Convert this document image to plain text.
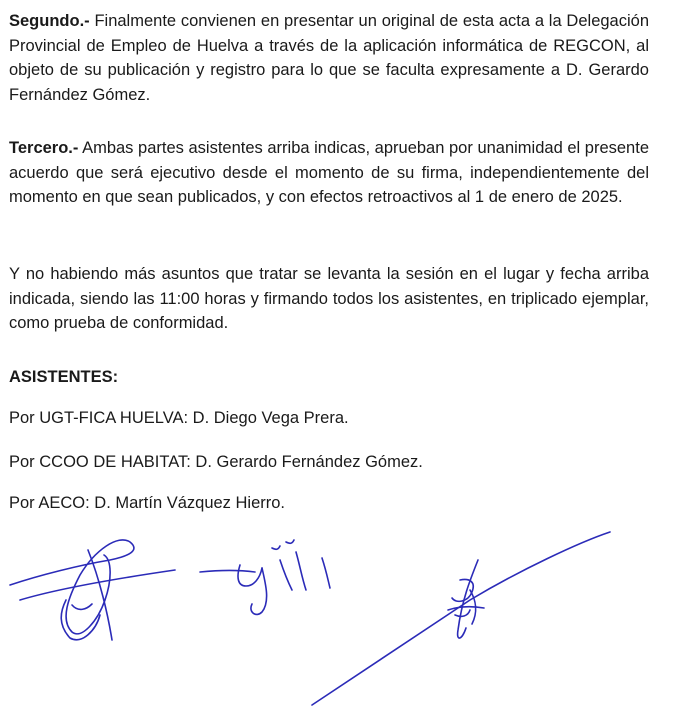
Segundo.- Finalmente convienen en presentar un original de esta acta a la Delegación Provincial de Empleo de Huelva a través de la aplicación informática de REGCON, al objeto de su publicación y registro para lo que se faculta expresamente a D. Gerardo Fernández Gómez.

Tercero.- Ambas partes asistentes arriba indicas, aprueban por unanimidad el presente acuerdo que será ejecutivo desde el momento de su firma, independientemente del momento en que sean publicados, y con efectos retroactivos al 1 de enero de 2025.

Y no habiendo más asuntos que tratar se levanta la sesión en el lugar y fecha arriba indicada, siendo las 11:00 horas y firmando todos los asistentes, en triplicado ejemplar, como prueba de conformidad.

ASISTENTES:

Por UGT-FICA HUELVA: D. Diego Vega Prera.

Por CCOO DE HABITAT: D. Gerardo Fernández Gómez.

Por AECO: D. Martín Vázquez Hierro.
